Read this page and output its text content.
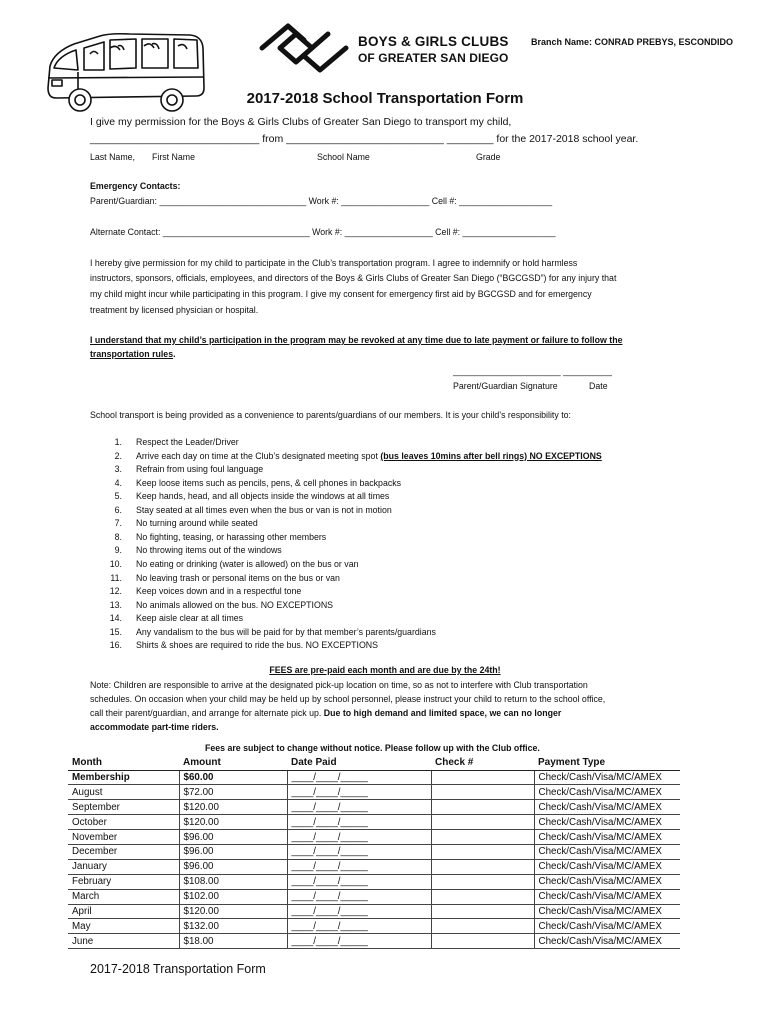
BOYS & GIRLS CLUBS
OF GREATER SAN DIEGO
Branch Name: CONRAD PREBYS, ESCONDIDO
2017-2018 School Transportation Form
I give my permission for the Boys & Girls Clubs of Greater San Diego to transport my child,
_____________________________ from ___________________________ ________ for the 2017-2018 school year.
Last Name, First Name	School Name	Grade
Emergency Contacts:
Parent/Guardian: ______________________________ Work #: __________________ Cell #: ___________________
Alternate Contact: ______________________________ Work #: __________________ Cell #: ___________________
I hereby give permission for my child to participate in the Club’s transportation program. I agree to indemnify or hold harmless
instructors, sponsors, officials, employees, and directors of the Boys & Girls Clubs of Greater San Diego (“BGCGSD”) for any injury that
my child might incur while participating in this program. I give my consent for emergency first aid by BGCGSD and for emergency
treatment by licensed physician or hospital.
I understand that my child’s participation in the program may be revoked at any time due to late payment or failure to follow the
transportation rules.
______________________ __________
Parent/Guardian Signature	Date
School transport is being provided as a convenience to parents/guardians of our members. It is your child’s responsibility to:
1. Respect the Leader/Driver
2. Arrive each day on time at the Club’s designated meeting spot (bus leaves 10mins after bell rings) NO EXCEPTIONS
3. Refrain from using foul language
4. Keep loose items such as pencils, pens, & cell phones in backpacks
5. Keep hands, head, and all objects inside the windows at all times
6. Stay seated at all times even when the bus or van is not in motion
7. No turning around while seated
8. No fighting, teasing, or harassing other members
9. No throwing items out of the windows
10. No eating or drinking (water is allowed) on the bus or van
11. No leaving trash or personal items on the bus or van
12. Keep voices down and in a respectful tone
13. No animals allowed on the bus. NO EXCEPTIONS
14. Keep aisle clear at all times
15. Any vandalism to the bus will be paid for by that member’s parents/guardians
16. Shirts & shoes are required to ride the bus. NO EXCEPTIONS
FEES are pre-paid each month and are due by the 24th!
Note: Children are responsible to arrive at the designated pick-up location on time, so as not to interfere with Club transportation
schedules. On occasion when your child may be held up by school personnel, please instruct your child to return to the school office,
call their parent/guardian, and arrange for alternate pick up. Due to high demand and limited space, we can no longer
accommodate part-time riders.
Fees are subject to change without notice. Please follow up with the Club office.
Month	Amount	Date Paid	Check #	Payment Type
Membership	$60.00	____/____/_____		Check/Cash/Visa/MC/AMEX
August	$72.00	____/____/_____		Check/Cash/Visa/MC/AMEX
September	$120.00	____/____/_____		Check/Cash/Visa/MC/AMEX
October	$120.00	____/____/_____		Check/Cash/Visa/MC/AMEX
November	$96.00	____/____/_____		Check/Cash/Visa/MC/AMEX
December	$96.00	____/____/_____		Check/Cash/Visa/MC/AMEX
January	$96.00	____/____/_____		Check/Cash/Visa/MC/AMEX
February	$108.00	____/____/_____		Check/Cash/Visa/MC/AMEX
March	$102.00	____/____/_____		Check/Cash/Visa/MC/AMEX
April	$120.00	____/____/_____		Check/Cash/Visa/MC/AMEX
May	$132.00	____/____/_____		Check/Cash/Visa/MC/AMEX
June	$18.00	____/____/_____		Check/Cash/Visa/MC/AMEX
2017-2018 Transportation Form
